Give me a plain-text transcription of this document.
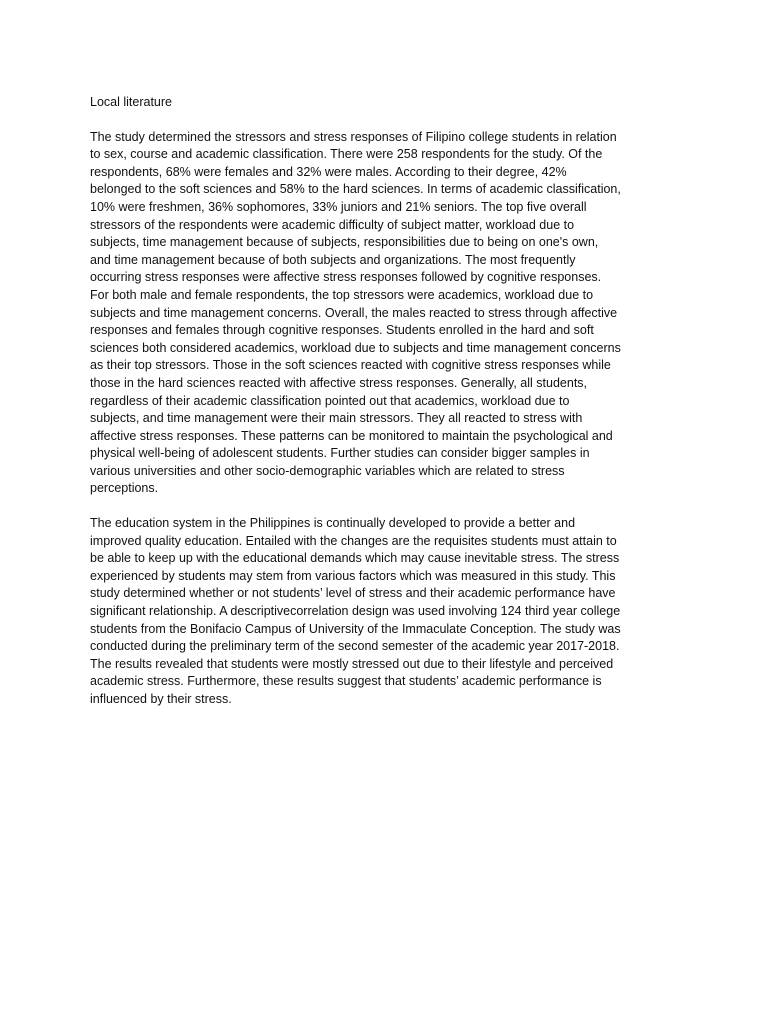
Local literature

The study determined the stressors and stress responses of Filipino college students in relation
to sex, course and academic classification. There were 258 respondents for the study. Of the
respondents, 68% were females and 32% were males. According to their degree, 42%
belonged to the soft sciences and 58% to the hard sciences. In terms of academic classification,
10% were freshmen, 36% sophomores, 33% juniors and 21% seniors. The top five overall
stressors of the respondents were academic difficulty of subject matter, workload due to
subjects, time management because of subjects, responsibilities due to being on one's own,
and time management because of both subjects and organizations. The most frequently
occurring stress responses were affective stress responses followed by cognitive responses.
For both male and female respondents, the top stressors were academics, workload due to
subjects and time management concerns. Overall, the males reacted to stress through affective
responses and females through cognitive responses. Students enrolled in the hard and soft
sciences both considered academics, workload due to subjects and time management concerns
as their top stressors. Those in the soft sciences reacted with cognitive stress responses while
those in the hard sciences reacted with affective stress responses. Generally, all students,
regardless of their academic classification pointed out that academics, workload due to
subjects, and time management were their main stressors. They all reacted to stress with
affective stress responses. These patterns can be monitored to maintain the psychological and
physical well-being of adolescent students. Further studies can consider bigger samples in
various universities and other socio-demographic variables which are related to stress
perceptions.

The education system in the Philippines is continually developed to provide a better and
improved quality education. Entailed with the changes are the requisites students must attain to
be able to keep up with the educational demands which may cause inevitable stress. The stress
experienced by students may stem from various factors which was measured in this study. This
study determined whether or not students’ level of stress and their academic performance have
significant relationship. A descriptivecorrelation design was used involving 124 third year college
students from the Bonifacio Campus of University of the Immaculate Conception. The study was
conducted during the preliminary term of the second semester of the academic year 2017-2018.
The results revealed that students were mostly stressed out due to their lifestyle and perceived
academic stress. Furthermore, these results suggest that students’ academic performance is
influenced by their stress.
